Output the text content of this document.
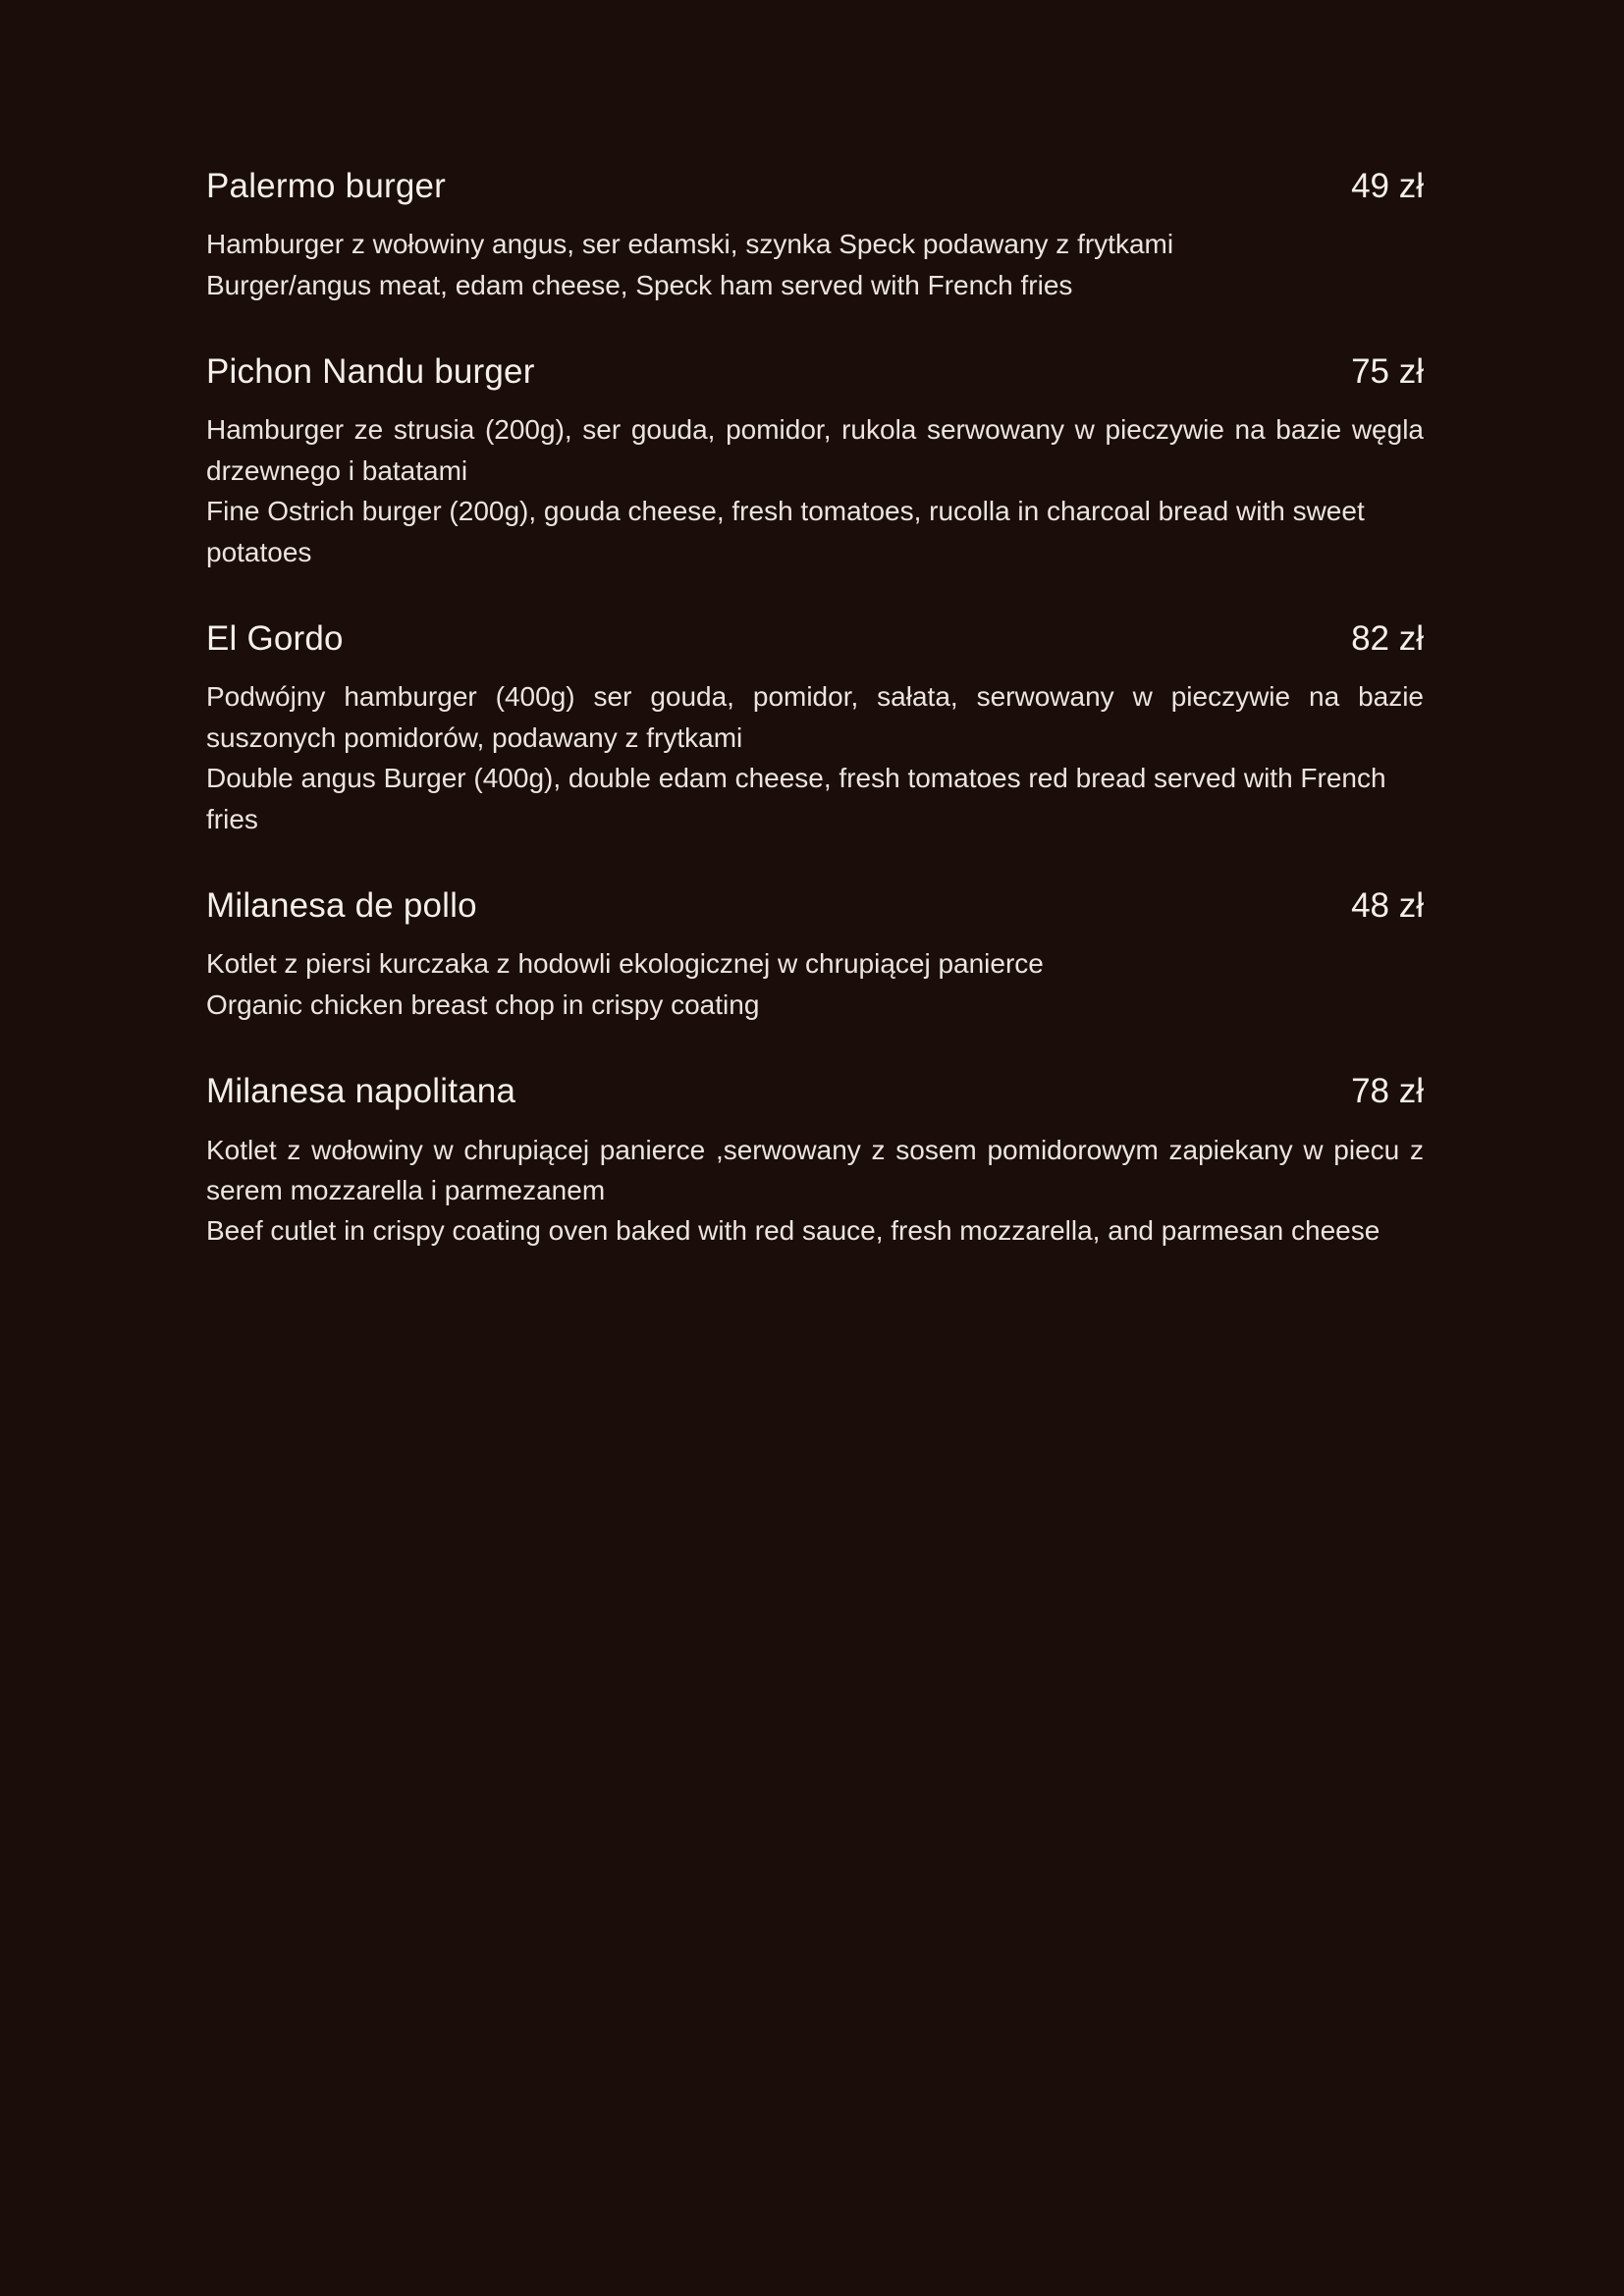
Palermo burger	49 zł

Hamburger z wołowiny angus, ser edamski, szynka Speck podawany z frytkami

Burger/angus meat, edam cheese, Speck ham served with French fries

Pichon Nandu burger	75 zł

Hamburger ze strusia (200g), ser gouda, pomidor, rukola serwowany w pieczywie na bazie węgla drzewnego i batatami

Fine Ostrich burger (200g), gouda cheese, fresh tomatoes, rucolla in charcoal bread with sweet potatoes

El Gordo	82 zł

Podwójny hamburger (400g) ser gouda, pomidor, sałata, serwowany w pieczywie na bazie suszonych pomidorów, podawany z frytkami

Double angus Burger (400g), double edam cheese, fresh tomatoes red bread served with French fries

Milanesa de pollo	48 zł

Kotlet z piersi kurczaka z hodowli ekologicznej w chrupiącej panierce

Organic chicken breast chop in crispy coating

Milanesa napolitana	78 zł

Kotlet z wołowiny w chrupiącej panierce ,serwowany z sosem pomidorowym zapiekany w piecu z serem mozzarella i parmezanem

Beef cutlet in crispy coating oven baked with red sauce, fresh mozzarella, and parmesan cheese
